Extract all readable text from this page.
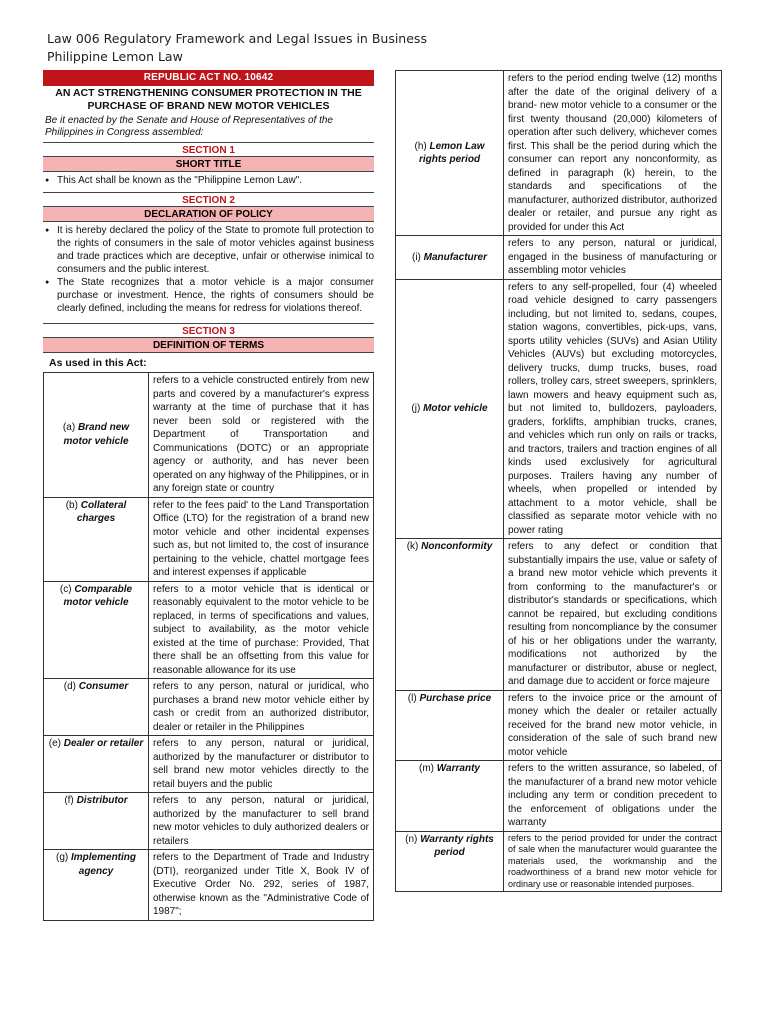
Law 006 Regulatory Framework and Legal Issues in Business
Philippine Lemon Law
REPUBLIC ACT NO. 10642
AN ACT STRENGTHENING CONSUMER PROTECTION IN THE PURCHASE OF BRAND NEW MOTOR VEHICLES
Be it enacted by the Senate and House of Representatives of the Philippines in Congress assembled:
SECTION 1
SHORT TITLE
● This Act shall be known as the "Philippine Lemon Law".
SECTION 2
DECLARATION OF POLICY
● It is hereby declared the policy of the State to promote full protection to the rights of consumers in the sale of motor vehicles against business and trade practices which are deceptive, unfair or otherwise inimical to consumers and the public interest.
● The State recognizes that a motor vehicle is a major consumer purchase or investment. Hence, the rights of consumers should be clearly defined, including the means for redress for violations thereof.
SECTION 3
DEFINITION OF TERMS
As used in this Act:
(a) Brand new motor vehicle	refers to a vehicle constructed entirely from new parts and covered by a manufacturer's express warranty at the time of purchase that it has never been sold or registered with the Department of Transportation and Communications (DOTC) or an appropriate agency or authority, and has never been operated on any highway of the Philippines, or in any foreign state or country
(b) Collateral charges	refer to the fees paid' to the Land Transportation Office (LTO) for the registration of a brand new motor vehicle and other incidental expenses such as, but not limited to, the cost of insurance pertaining to the vehicle, chattel mortgage fees and interest expenses if applicable
(c) Comparable motor vehicle	refers to a motor vehicle that is identical or reasonably equivalent to the motor vehicle to be replaced, in terms of specifications and values, subject to availability, as the motor vehicle existed at the time of purchase: Provided, That there shall be an offsetting from this value for reasonable allowance for its use
(d) Consumer	refers to any person, natural or juridical, who purchases a brand new motor vehicle either by cash or credit from an authorized distributor, dealer or retailer in the Philippines
(e) Dealer or retailer	refers to any person, natural or juridical, authorized by the manufacturer or distributor to sell brand new motor vehicles directly to the retail buyers and the public
(f) Distributor	refers to any person, natural or juridical, authorized by the manufacturer to sell brand new motor vehicles to duly authorized dealers or retailers
(g) Implementing agency	refers to the Department of Trade and Industry (DTI), reorganized under Title X, Book IV of Executive Order No. 292, series of 1987, otherwise known as the "Administrative Code of 1987";
(h) Lemon Law rights period	refers to the period ending twelve (12) months after the date of the original delivery of a brand- new motor vehicle to a consumer or the first twenty thousand (20,000) kilometers of operation after such delivery, whichever comes first. This shall be the period during which the consumer can report any nonconformity, as defined in paragraph (k) herein, to the standards and specifications of the manufacturer, authorized distributor, authorized dealer or retailer, and pursue any right as provided for under this Act
(i) Manufacturer	refers to any person, natural or juridical, engaged in the business of manufacturing or assembling motor vehicles
(j) Motor vehicle	refers to any self-propelled, four (4) wheeled road vehicle designed to carry passengers including, but not limited to, sedans, coupes, station wagons, convertibles, pick-ups, vans, sports utility vehicles (SUVs) and Asian Utility Vehicles (AUVs) but excluding motorcycles, delivery trucks, dump trucks, buses, road rollers, trolley cars, street sweepers, sprinklers, lawn mowers and heavy equipment such as, but not limited to, bulldozers, payloaders, graders, forklifts, amphibian trucks, cranes, and vehicles which run only on rails or tracks, and tractors, trailers and traction engines of all kinds used exclusively for agricultural purposes. Trailers having any number of wheels, when propelled or intended by attachment to a motor vehicle, shall be classified as separate motor vehicle with no power rating
(k) Nonconformity	refers to any defect or condition that substantially impairs the use, value or safety of a brand new motor vehicle which prevents it from conforming to the manufacturer's or distributor's standards or specifications, which cannot be repaired, but excluding conditions resulting from noncompliance by the consumer of his or her obligations under the warranty, modifications not authorized by the manufacturer or distributor, abuse or neglect, and damage due to accident or force majeure
(l) Purchase price	refers to the invoice price or the amount of money which the dealer or retailer actually received for the brand new motor vehicle, in consideration of the sale of such brand new motor vehicle
(m) Warranty	refers to the written assurance, so labeled, of the manufacturer of a brand new motor vehicle including any term or condition precedent to the enforcement of obligations under the warranty
(n) Warranty rights period	refers to the period provided for under the contract of sale when the manufacturer would guarantee the materials used, the workmanship and the roadworthiness of a brand new motor vehicle for ordinary use or reasonable intended purposes.
